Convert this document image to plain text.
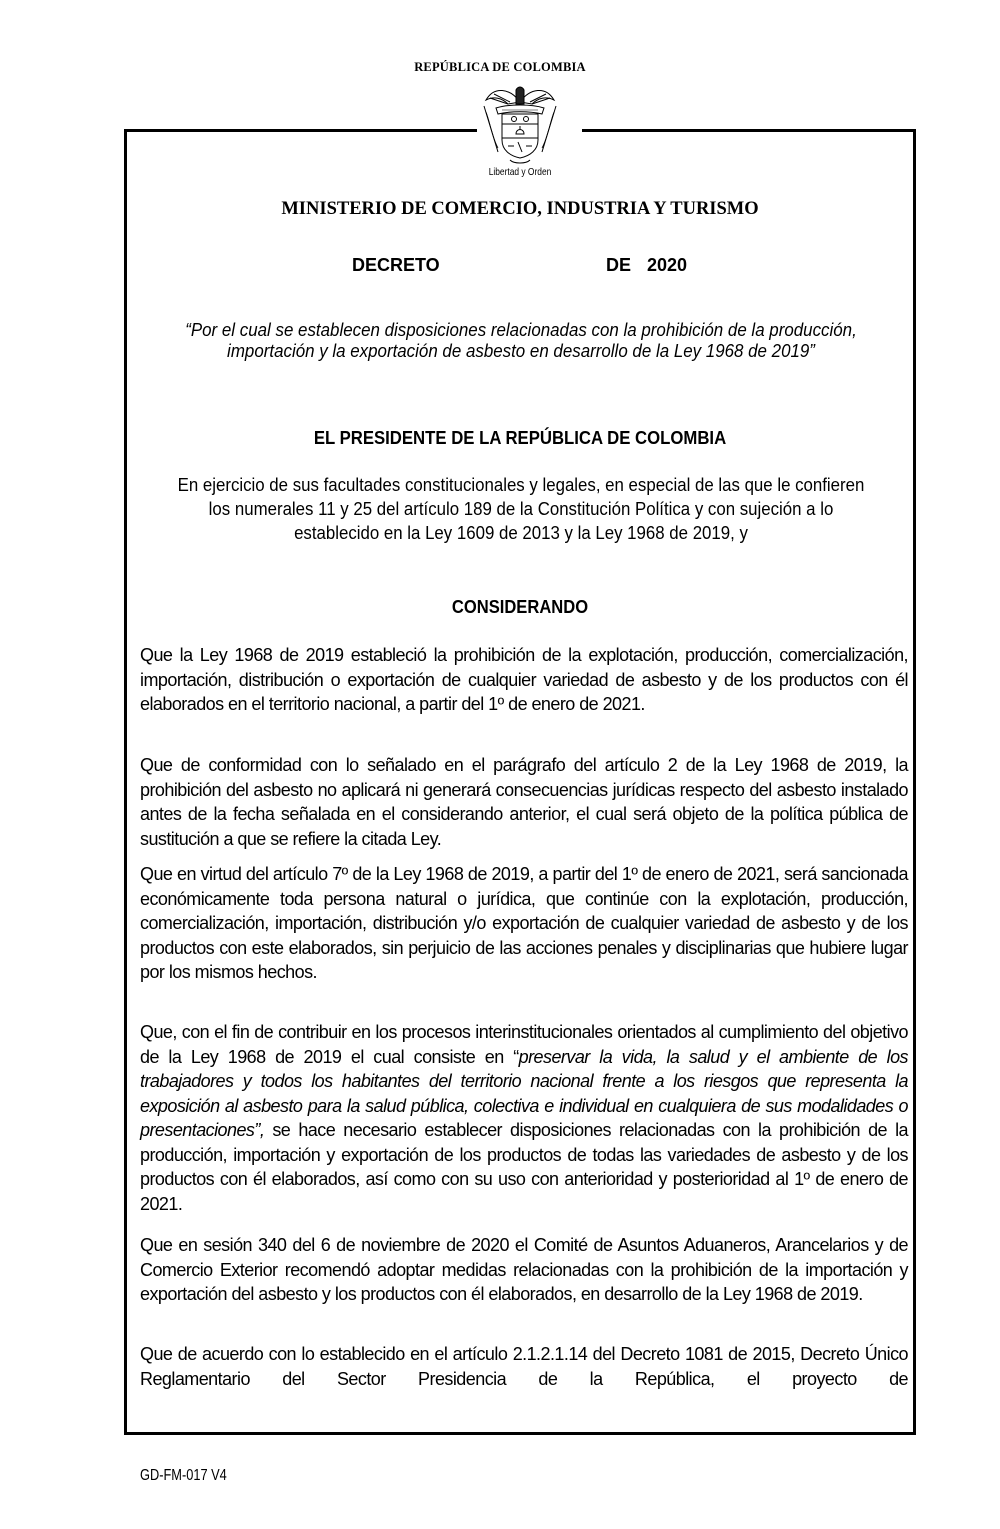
REPÚBLICA DE COLOMBIA
Libertad y Orden
MINISTERIO DE COMERCIO, INDUSTRIA Y TURISMO
DECRETO	DE  2020
“Por el cual se establecen disposiciones relacionadas con la prohibición de la producción, importación y la exportación de asbesto en desarrollo de la Ley 1968 de 2019”
EL PRESIDENTE DE LA REPÚBLICA DE COLOMBIA
En ejercicio de sus facultades constitucionales y legales, en especial de las que le confieren los numerales 11 y 25 del artículo 189 de la Constitución Política y con sujeción a lo establecido en la Ley 1609 de 2013 y la Ley 1968 de 2019, y
CONSIDERANDO
Que la Ley 1968 de 2019 estableció la prohibición de la explotación, producción, comercialización, importación, distribución o exportación de cualquier variedad de asbesto y de los productos con él elaborados en el territorio nacional, a partir del 1º de enero de 2021.
Que de conformidad con lo señalado en el parágrafo del artículo 2 de la Ley 1968 de 2019, la prohibición del asbesto no aplicará ni generará consecuencias jurídicas respecto del asbesto instalado antes de la fecha señalada en el considerando anterior, el cual será objeto de la política pública de sustitución a que se refiere la citada Ley.
Que en virtud del artículo 7º de la Ley 1968 de 2019, a partir del 1º de enero de 2021, será sancionada económicamente toda persona natural o jurídica, que continúe con la explotación, producción, comercialización, importación, distribución y/o exportación de cualquier variedad de asbesto y de los productos con este elaborados, sin perjuicio de las acciones penales y disciplinarias que hubiere lugar por los mismos hechos.
Que, con el fin de contribuir en los procesos interinstitucionales orientados al cumplimiento del objetivo de la Ley 1968 de 2019 el cual consiste en “preservar la vida, la salud y el ambiente de los trabajadores y todos los habitantes del territorio nacional frente a los riesgos que representa la exposición al asbesto para la salud pública, colectiva e individual en cualquiera de sus modalidades o presentaciones”, se hace necesario establecer disposiciones relacionadas con la prohibición de la producción, importación y exportación de los productos de todas las variedades de asbesto y de los productos con él elaborados, así como con su uso con anterioridad y posterioridad al 1º de enero de 2021.
Que en sesión 340 del 6 de noviembre de 2020 el Comité de Asuntos Aduaneros, Arancelarios y de Comercio Exterior recomendó adoptar medidas relacionadas con la prohibición de la importación y exportación del asbesto y los productos con él elaborados, en desarrollo de la Ley 1968 de 2019.
Que de acuerdo con lo establecido en el artículo 2.1.2.1.14 del Decreto 1081 de 2015, Decreto Único Reglamentario del Sector Presidencia de la República, el proyecto de
GD-FM-017 V4
